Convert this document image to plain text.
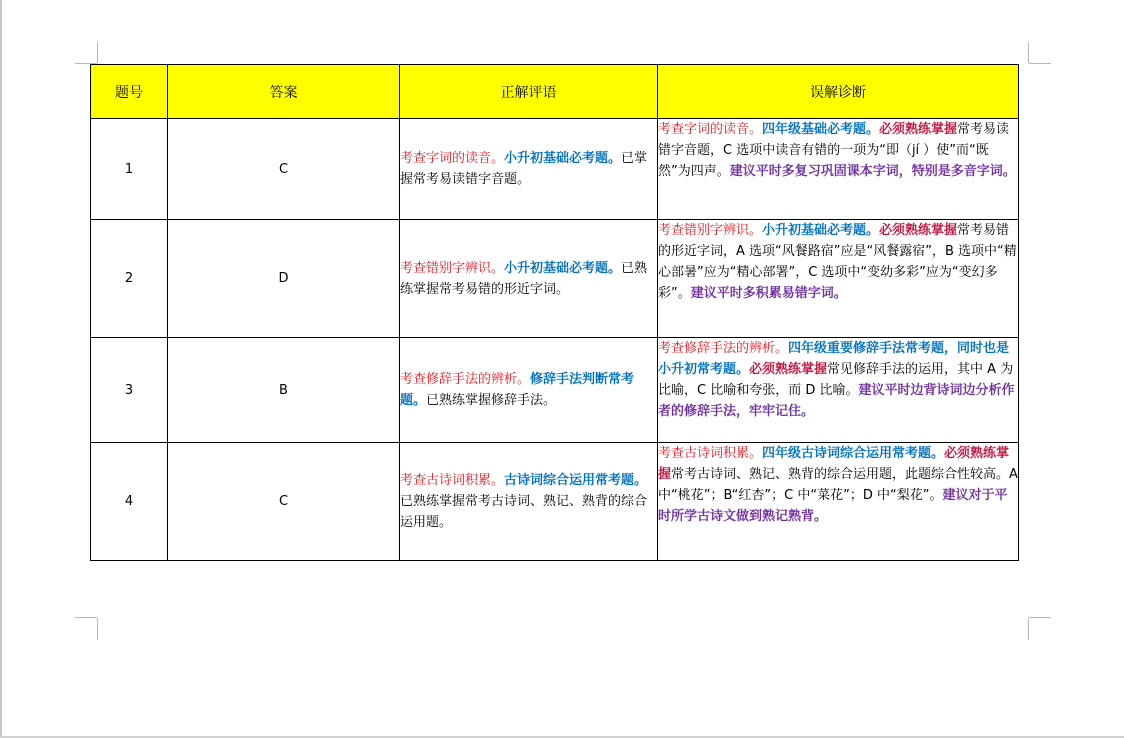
题号	答案	正解评语	误解诊断
1	C	考查字词的读音。小升初基础必考题。已掌握常考易读错字音题。	考查字词的读音。四年级基础必考题。必须熟练掌握常考易读错字音题，C 选项中读音有错的一项为“即（jí ）使”而“既然”为四声。建议平时多复习巩固课本字词，特别是多音字词。
2	D	考查错别字辨识。小升初基础必考题。已熟练掌握常考易错的形近字词。	考查错别字辨识。小升初基础必考题。必须熟练掌握常考易错的形近字词，A 选项“风餐路宿”应是“风餐露宿”，B 选项中“精心部暑”应为“精心部署”，C 选项中“变幼多彩”应为“变幻多彩”。建议平时多积累易错字词。
3	B	考查修辞手法的辨析。修辞手法判断常考题。已熟练掌握修辞手法。	考查修辞手法的辨析。四年级重要修辞手法常考题，同时也是小升初常考题。必须熟练掌握常见修辞手法的运用，其中 A 为比喻，C 比喻和夸张，而 D 比喻。建议平时边背诗词边分析作者的修辞手法，牢牢记住。
4	C	考查古诗词积累。古诗词综合运用常考题。已熟练掌握常考古诗词、熟记、熟背的综合运用题。	考查古诗词积累。四年级古诗词综合运用常考题。必须熟练掌握常考古诗词、熟记、熟背的综合运用题，此题综合性较高。A 中“桃花”；B“红杏”；C 中“菜花”；D 中“梨花”。建议对于平时所学古诗文做到熟记熟背。
